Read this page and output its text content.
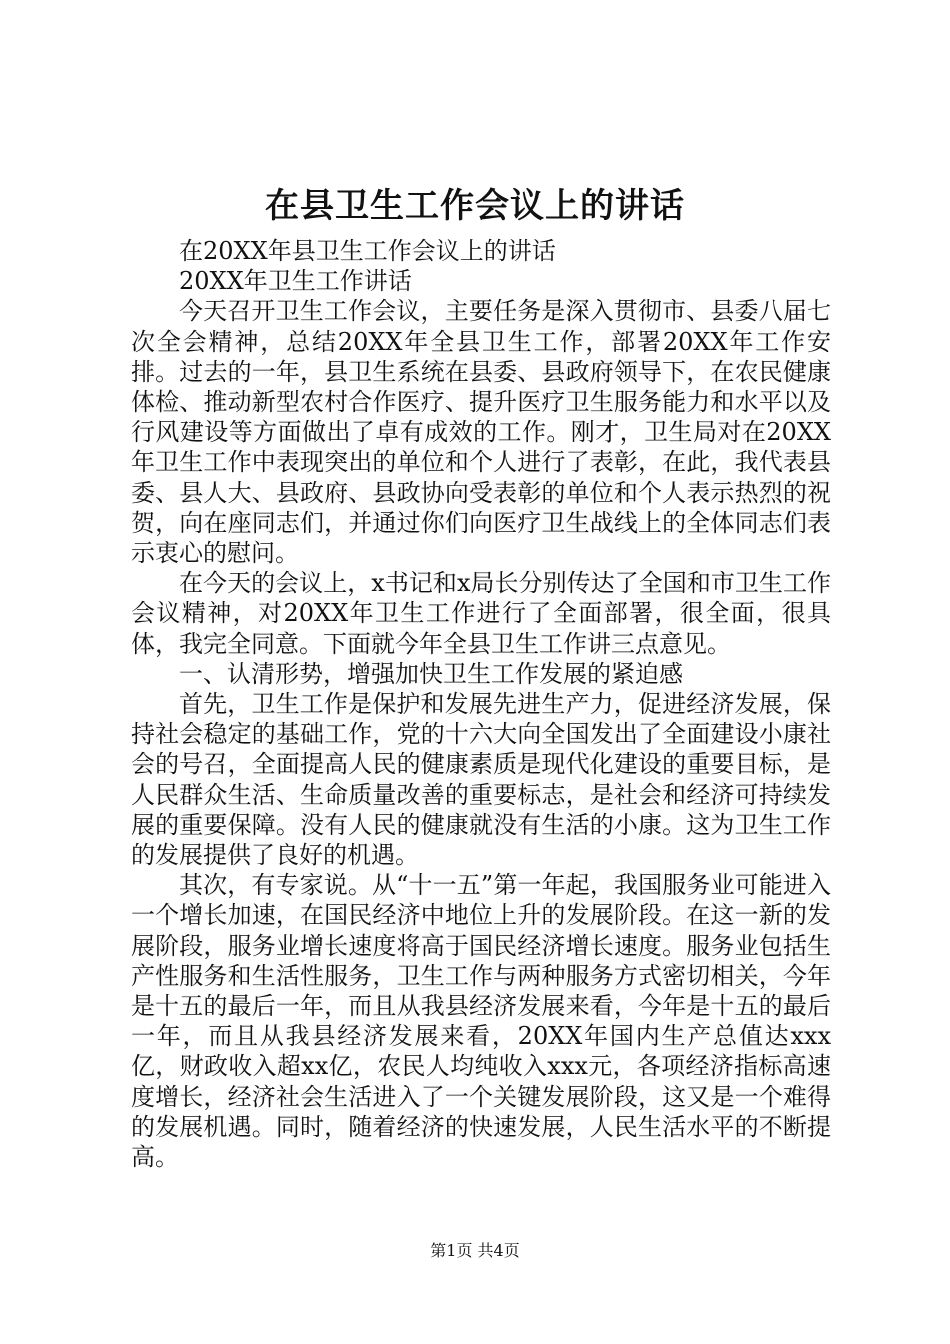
在县卫生工作会议上的讲话

在20XX年县卫生工作会议上的讲话

20XX年卫生工作讲话

今天召开卫生工作会议，主要任务是深入贯彻市、县委八届七次全会精神，总结20XX年全县卫生工作，部署20XX年工作安排。过去的一年，县卫生系统在县委、县政府领导下，在农民健康体检、推动新型农村合作医疗、提升医疗卫生服务能力和水平以及行风建设等方面做出了卓有成效的工作。刚才，卫生局对在20XX年卫生工作中表现突出的单位和个人进行了表彰，在此，我代表县委、县人大、县政府、县政协向受表彰的单位和个人表示热烈的祝贺，向在座同志们，并通过你们向医疗卫生战线上的全体同志们表示衷心的慰问。

在今天的会议上，x书记和x局长分别传达了全国和市卫生工作会议精神，对20XX年卫生工作进行了全面部署，很全面，很具体，我完全同意。下面就今年全县卫生工作讲三点意见。

一、认清形势，增强加快卫生工作发展的紧迫感

首先，卫生工作是保护和发展先进生产力，促进经济发展，保持社会稳定的基础工作，党的十六大向全国发出了全面建设小康社会的号召，全面提高人民的健康素质是现代化建设的重要目标，是人民群众生活、生命质量改善的重要标志，是社会和经济可持续发展的重要保障。没有人民的健康就没有生活的小康。这为卫生工作的发展提供了良好的机遇。

其次，有专家说。从“十一五”第一年起，我国服务业可能进入一个增长加速，在国民经济中地位上升的发展阶段。在这一新的发展阶段，服务业增长速度将高于国民经济增长速度。服务业包括生产性服务和生活性服务，卫生工作与两种服务方式密切相关，今年是十五的最后一年，而且从我县经济发展来看，今年是十五的最后一年，而且从我县经济发展来看，20XX年国内生产总值达xxx亿，财政收入超xx亿，农民人均纯收入xxx元，各项经济指标高速度增长，经济社会生活进入了一个关键发展阶段，这又是一个难得的发展机遇。同时，随着经济的快速发展，人民生活水平的不断提高。

第1页 共4页
